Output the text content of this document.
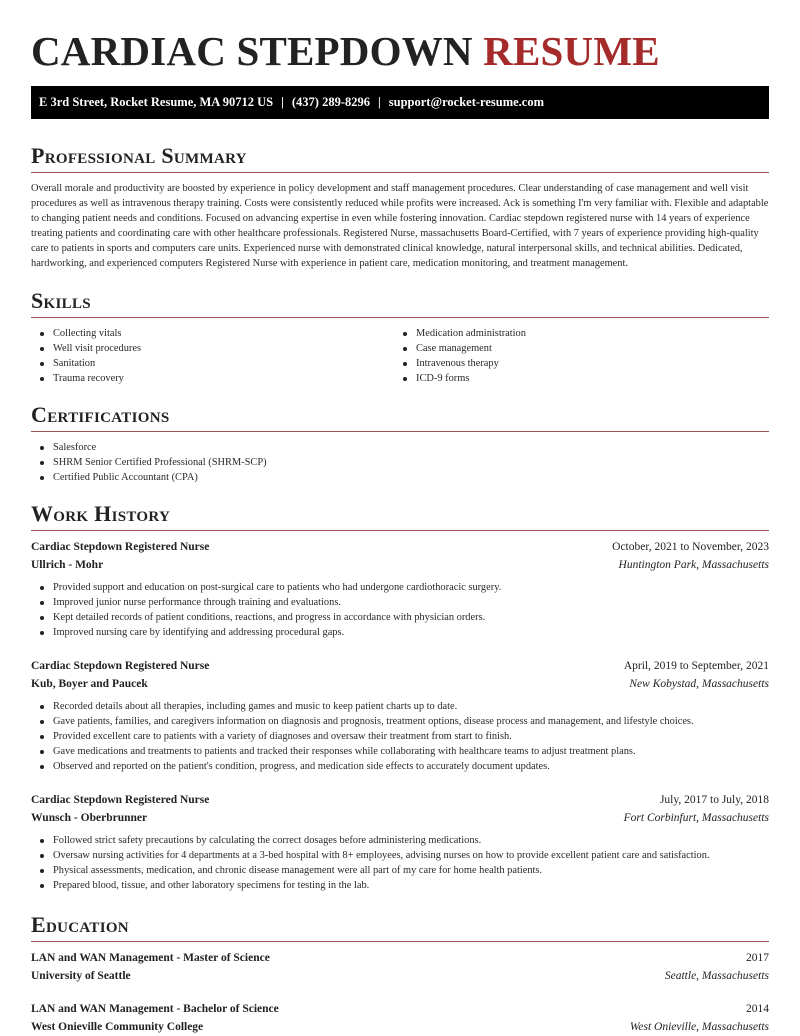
CARDIAC STEPDOWN RESUME
E 3rd Street, Rocket Resume, MA 90712 US | (437) 289-8296 | support@rocket-resume.com
Professional Summary

Overall morale and productivity are boosted by experience in policy development and staff management procedures. Clear understanding of case management and well visit procedures as well as intravenous therapy training. Costs were consistently reduced while profits were increased. Ack is something I'm very familiar with. Flexible and adaptable to changing patient needs and conditions. Focused on advancing expertise in even while fostering innovation. Cardiac stepdown registered nurse with 14 years of experience treating patients and coordinating care with other healthcare professionals. Registered Nurse, massachusetts Board-Certified, with 7 years of experience providing high-quality care to patients in sports and computers care units. Experienced nurse with demonstrated clinical knowledge, natural interpersonal skills, and technical abilities. Dedicated, hardworking, and experienced computers Registered Nurse with experience in patient care, medication monitoring, and treatment management.

Skills
Collecting vitals
Well visit procedures
Sanitation
Trauma recovery
Medication administration
Case management
Intravenous therapy
ICD-9 forms
Certifications
Salesforce
SHRM Senior Certified Professional (SHRM-SCP)
Certified Public Accountant (CPA)
Work History
Cardiac Stepdown Registered Nurse	October, 2021 to November, 2023
Ullrich - Mohr	Huntington Park, Massachusetts
Provided support and education on post-surgical care to patients who had undergone cardiothoracic surgery.
Improved junior nurse performance through training and evaluations.
Kept detailed records of patient conditions, reactions, and progress in accordance with physician orders.
Improved nursing care by identifying and addressing procedural gaps.
Cardiac Stepdown Registered Nurse	April, 2019 to September, 2021
Kub, Boyer and Paucek	New Kobystad, Massachusetts
Recorded details about all therapies, including games and music to keep patient charts up to date.
Gave patients, families, and caregivers information on diagnosis and prognosis, treatment options, disease process and management, and lifestyle choices.
Provided excellent care to patients with a variety of diagnoses and oversaw their treatment from start to finish.
Gave medications and treatments to patients and tracked their responses while collaborating with healthcare teams to adjust treatment plans.
Observed and reported on the patient's condition, progress, and medication side effects to accurately document updates.
Cardiac Stepdown Registered Nurse	July, 2017 to July, 2018
Wunsch - Oberbrunner	Fort Corbinfurt, Massachusetts
Followed strict safety precautions by calculating the correct dosages before administering medications.
Oversaw nursing activities for 4 departments at a 3-bed hospital with 8+ employees, advising nurses on how to provide excellent patient care and satisfaction.
Physical assessments, medication, and chronic disease management were all part of my care for home health patients.
Prepared blood, tissue, and other laboratory specimens for testing in the lab.
Education
LAN and WAN Management - Master of Science	2017
University of Seattle	Seattle, Massachusetts
LAN and WAN Management - Bachelor of Science	2014
West Onieville Community College	West Onieville, Massachusetts
